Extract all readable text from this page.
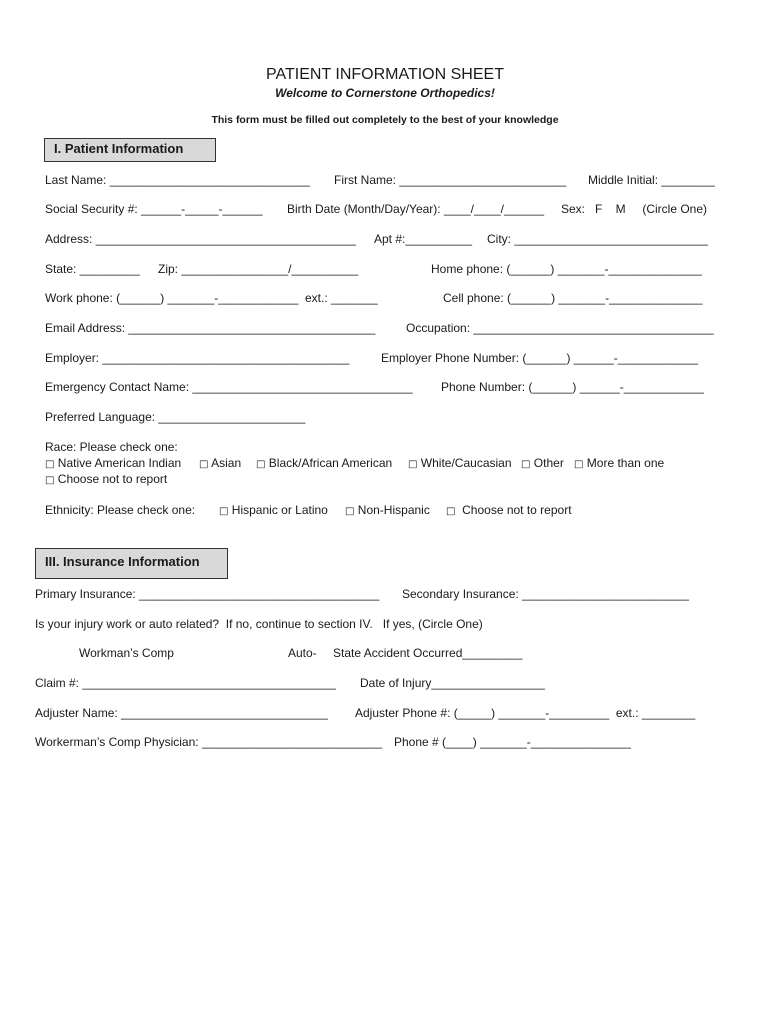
PATIENT INFORMATION SHEET
Welcome to Cornerstone Orthopedics!
This form must be filled out completely to the best of your knowledge
I. Patient Information
Last Name: ______________________________ First Name: _________________________ Middle Initial: ________
Social Security #: ______-_____-______ Birth Date (Month/Day/Year): ____/____/______ Sex:   F    M     (Circle One)
Address: _______________________________________ Apt #:__________ City: _____________________________
State: _________ Zip: ________________/__________	Home phone: (______) _______-______________
Work phone: (______) _______-____________  ext.: _______	Cell phone: (______) _______-______________
Email Address: _____________________________________	Occupation: ____________________________________
Employer: _____________________________________	Employer Phone Number: (______) ______-____________
Emergency Contact Name: _________________________________ Phone Number: (______) ______-____________
Preferred Language: ______________________
Race: Please check one:
□ Native American Indian □ Asian □ Black/African American □ White/Caucasian □ Other □ More than one
□ Choose not to report
Ethnicity: Please check one: □ Hispanic or Latino □ Non-Hispanic □ Choose not to report
III. Insurance Information
Primary Insurance: ____________________________________ Secondary Insurance: _________________________
Is your injury work or auto related?  If no, continue to section IV.   If yes, (Circle One)
Workman’s Comp	Auto- State Accident Occurred_________
Claim #: ______________________________________ Date of Injury_________________
Adjuster Name: _______________________________ Adjuster Phone #: (_____) _______-_________  ext.: ________
Workerman’s Comp Physician: ___________________________ Phone # (____) _______-_______________
